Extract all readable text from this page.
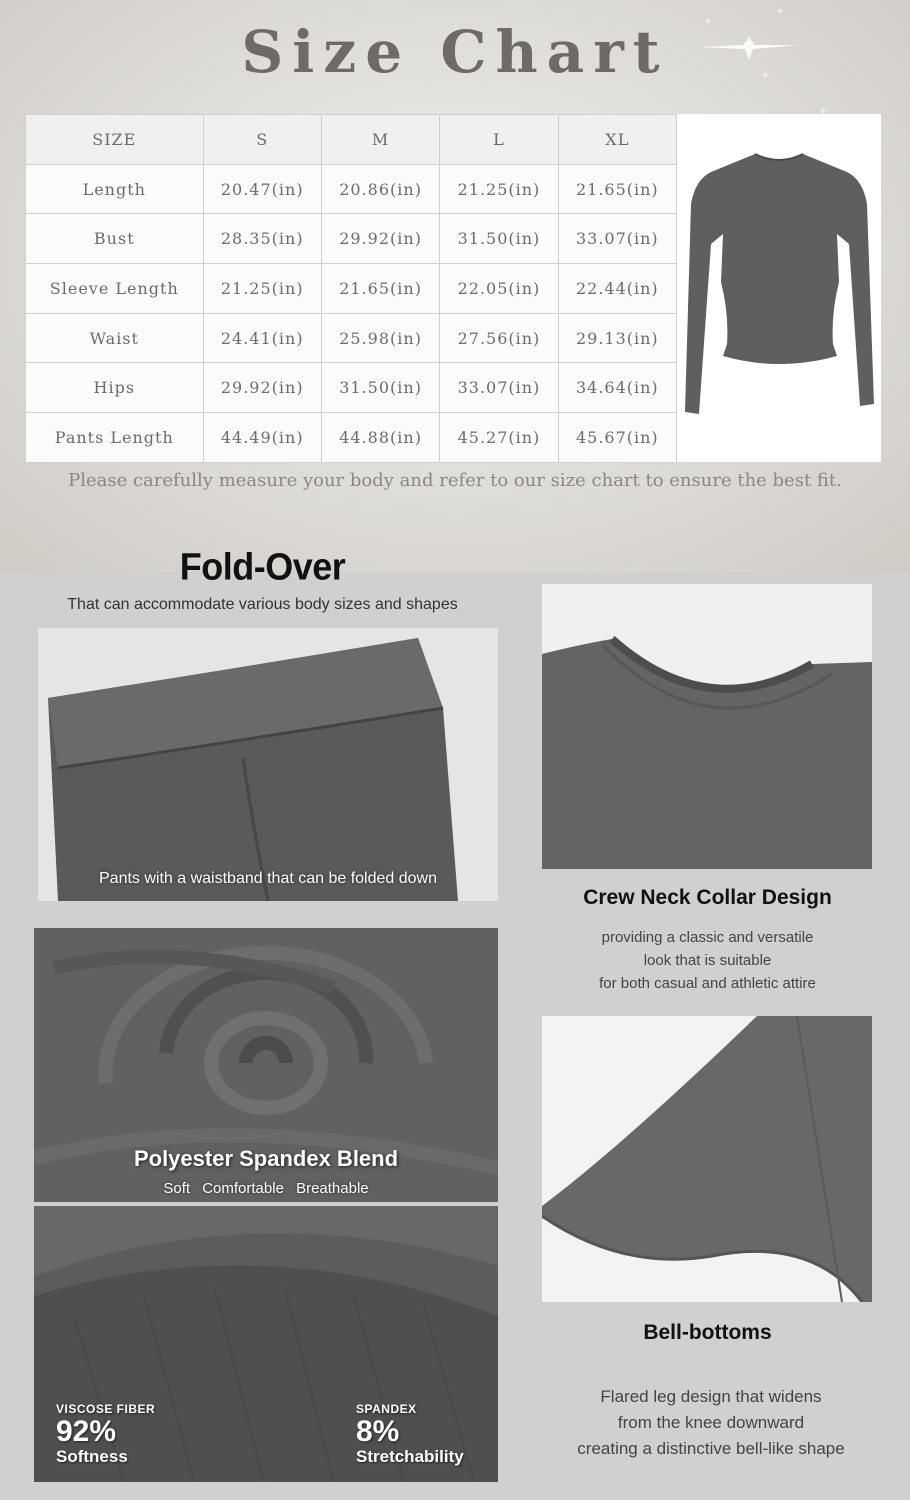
Size Chart
SIZE	S	M	L	XL
Length	20.47(in)	20.86(in)	21.25(in)	21.65(in)
Bust	28.35(in)	29.92(in)	31.50(in)	33.07(in)
Sleeve Length	21.25(in)	21.65(in)	22.05(in)	22.44(in)
Waist	24.41(in)	25.98(in)	27.56(in)	29.13(in)
Hips	29.92(in)	31.50(in)	33.07(in)	34.64(in)
Pants Length	44.49(in)	44.88(in)	45.27(in)	45.67(in)
Please carefully measure your body and refer to our size chart to ensure the best fit.
Fold-Over
That can accommodate various body sizes and shapes
Pants with a waistband that can be folded down
Crew Neck Collar Design
providing a classic and versatile
look that is suitable
for both casual and athletic attire
Polyester Spandex Blend
Soft Comfortable Breathable
VISCOSE FIBER
92%
Softness
SPANDEX
8%
Stretchability
Bell-bottoms
Flared leg design that widens
from the knee downward
creating a distinctive bell-like shape
